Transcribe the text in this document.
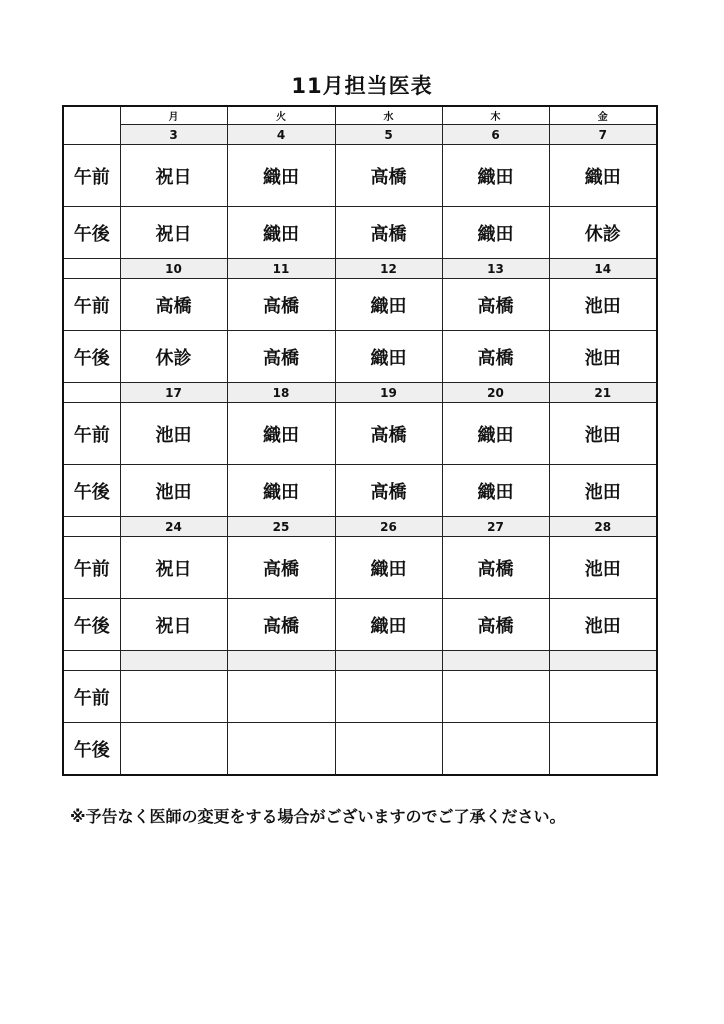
11月担当医表
	月	火	水	木	金
	3	4	5	6	7
午前	祝日	織田	高橋	織田	織田
午後	祝日	織田	高橋	織田	休診
	10	11	12	13	14
午前	高橋	高橋	織田	高橋	池田
午後	休診	高橋	織田	高橋	池田
	17	18	19	20	21
午前	池田	織田	高橋	織田	池田
午後	池田	織田	高橋	織田	池田
	24	25	26	27	28
午前	祝日	高橋	織田	高橋	池田
午後	祝日	高橋	織田	高橋	池田

午前					
午後					
※予告なく医師の変更をする場合がございますのでご了承ください。
